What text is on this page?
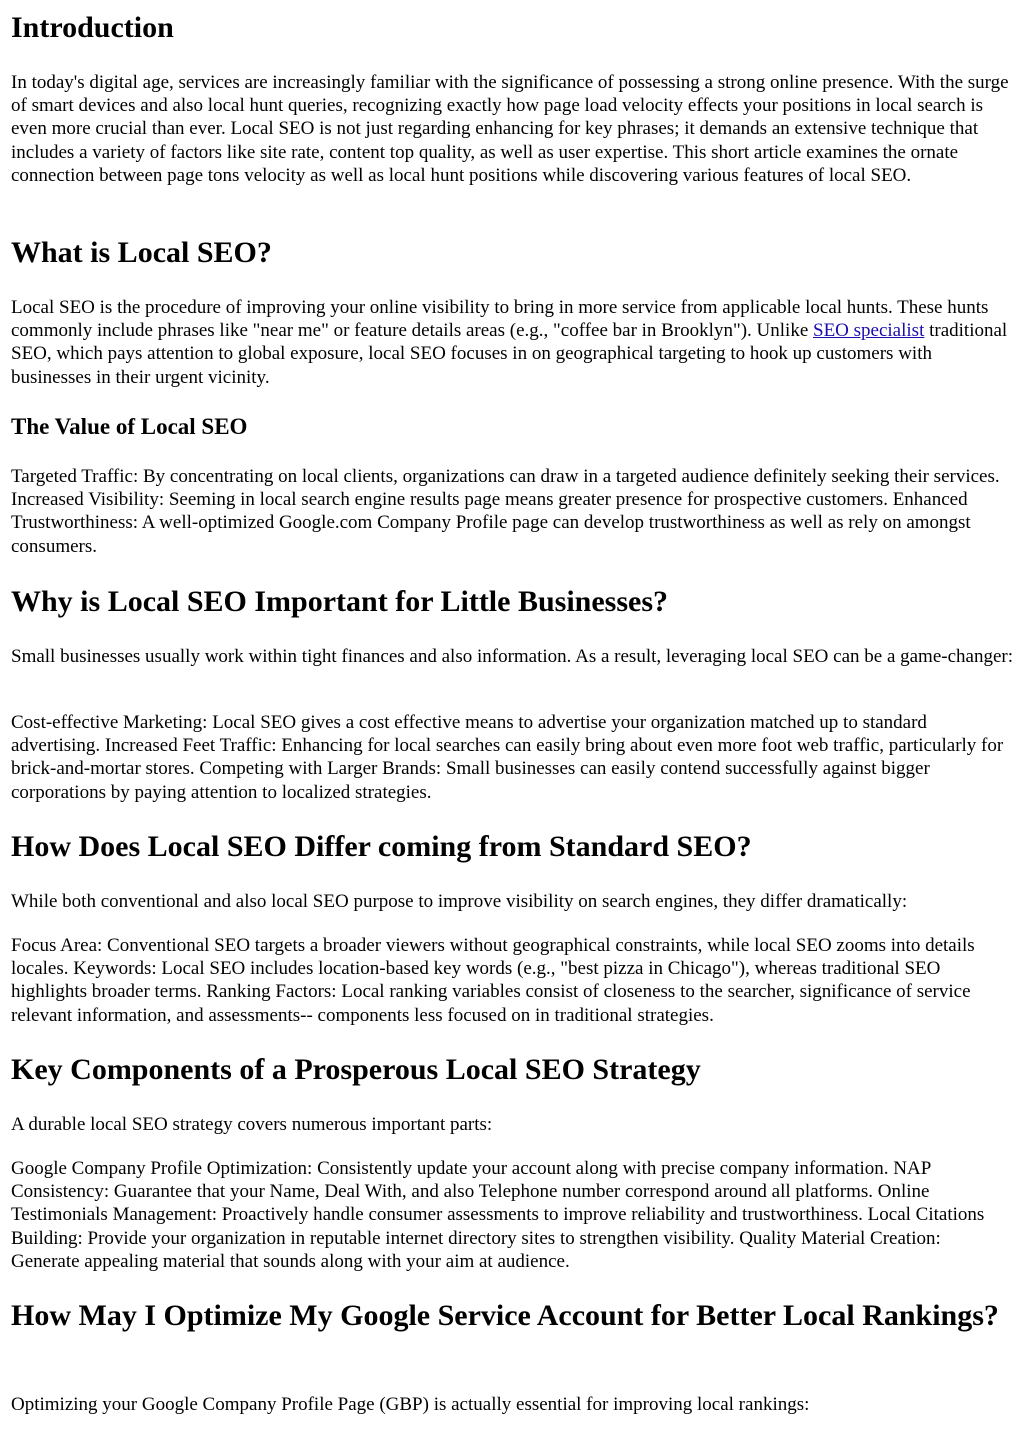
Introduction

In today's digital age, services are increasingly familiar with the significance of possessing a strong online presence. With the surge of smart devices and also local hunt queries, recognizing exactly how page load velocity effects your positions in local search is even more crucial than ever. Local SEO is not just regarding enhancing for key phrases; it demands an extensive technique that includes a variety of factors like site rate, content top quality, as well as user expertise. This short article examines the ornate connection between page tons velocity as well as local hunt positions while discovering various features of local SEO.

What is Local SEO?

Local SEO is the procedure of improving your online visibility to bring in more service from applicable local hunts. These hunts commonly include phrases like "near me" or feature details areas (e.g., "coffee bar in Brooklyn"). Unlike SEO specialist traditional SEO, which pays attention to global exposure, local SEO focuses in on geographical targeting to hook up customers with businesses in their urgent vicinity.

The Value of Local SEO

Targeted Traffic: By concentrating on local clients, organizations can draw in a targeted audience definitely seeking their services. Increased Visibility: Seeming in local search engine results page means greater presence for prospective customers. Enhanced Trustworthiness: A well-optimized Google.com Company Profile page can develop trustworthiness as well as rely on amongst consumers.

Why is Local SEO Important for Little Businesses?

Small businesses usually work within tight finances and also information. As a result, leveraging local SEO can be a game-changer:

Cost-effective Marketing: Local SEO gives a cost effective means to advertise your organization matched up to standard advertising. Increased Feet Traffic: Enhancing for local searches can easily bring about even more foot web traffic, particularly for brick-and-mortar stores. Competing with Larger Brands: Small businesses can easily contend successfully against bigger corporations by paying attention to localized strategies.

How Does Local SEO Differ coming from Standard SEO?

While both conventional and also local SEO purpose to improve visibility on search engines, they differ dramatically:

Focus Area: Conventional SEO targets a broader viewers without geographical constraints, while local SEO zooms into details locales. Keywords: Local SEO includes location-based key words (e.g., "best pizza in Chicago"), whereas traditional SEO highlights broader terms. Ranking Factors: Local ranking variables consist of closeness to the searcher, significance of service relevant information, and assessments-- components less focused on in traditional strategies.

Key Components of a Prosperous Local SEO Strategy

A durable local SEO strategy covers numerous important parts:

Google Company Profile Optimization: Consistently update your account along with precise company information. NAP Consistency: Guarantee that your Name, Deal With, and also Telephone number correspond around all platforms. Online Testimonials Management: Proactively handle consumer assessments to improve reliability and trustworthiness. Local Citations Building: Provide your organization in reputable internet directory sites to strengthen visibility. Quality Material Creation: Generate appealing material that sounds along with your aim at audience.

How May I Optimize My Google Service Account for Better Local Rankings?

Optimizing your Google Company Profile Page (GBP) is actually essential for improving local rankings:
